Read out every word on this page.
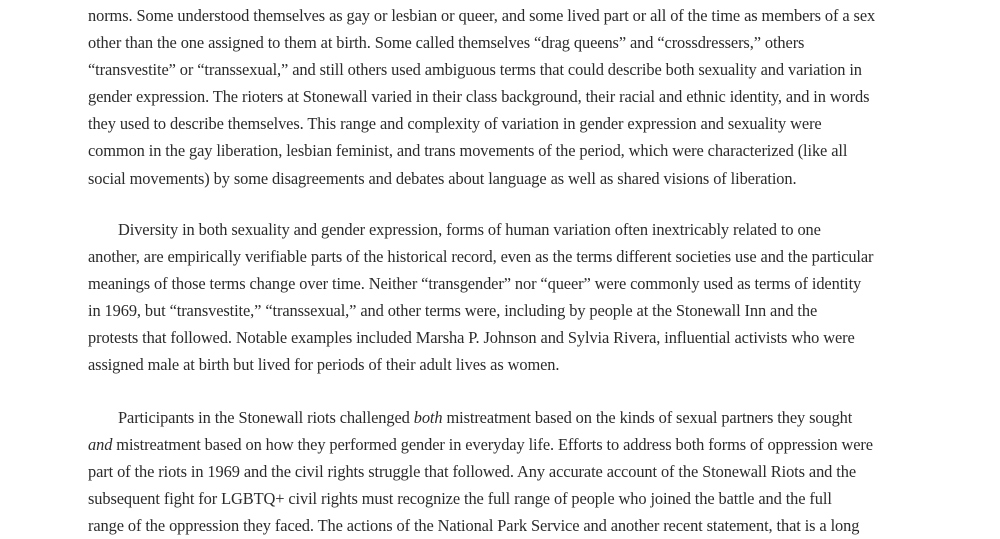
norms. Some understood themselves as gay or lesbian or queer, and some lived part or all of the time as members of a sex
other than the one assigned to them at birth. Some called themselves “drag queens” and “crossdressers,” others
“transvestite” or “transsexual,” and still others used ambiguous terms that could describe both sexuality and variation in
gender expression. The rioters at Stonewall varied in their class background, their racial and ethnic identity, and in words
they used to describe themselves. This range and complexity of variation in gender expression and sexuality were
common in the gay liberation, lesbian feminist, and trans movements of the period, which were characterized (like all
social movements) by some disagreements and debates about language as well as shared visions of liberation.
Diversity in both sexuality and gender expression, forms of human variation often inextricably related to one
another, are empirically verifiable parts of the historical record, even as the terms different societies use and the particular
meanings of those terms change over time. Neither “transgender” nor “queer” were commonly used as terms of identity
in 1969, but “transvestite,” “transsexual,” and other terms were, including by people at the Stonewall Inn and the
protests that followed. Notable examples included Marsha P. Johnson and Sylvia Rivera, influential activists who were
assigned male at birth but lived for periods of their adult lives as women.
Participants in the Stonewall riots challenged both mistreatment based on the kinds of sexual partners they sought
and mistreatment based on how they performed gender in everyday life. Efforts to address both forms of oppression were
part of the riots in 1969 and the civil rights struggle that followed. Any accurate account of the Stonewall Riots and the
subsequent fight for LGBTQ+ civil rights must recognize the full range of people who joined the battle and the full
range of the oppression they faced. The actions of the National Park Service and another recent statement, that is a long
